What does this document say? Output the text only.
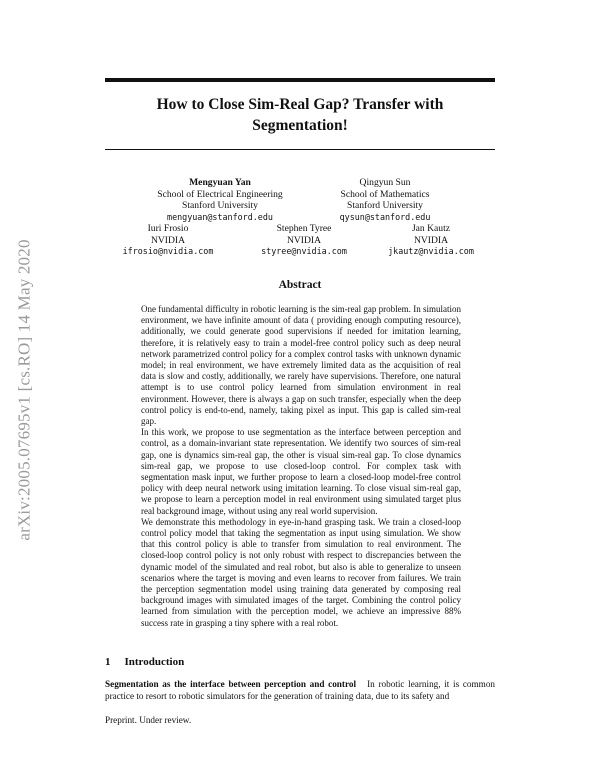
arXiv:2005.07695v1 [cs.RO] 14 May 2020
How to Close Sim-Real Gap? Transfer with
Segmentation!
Mengyuan Yan
School of Electrical Engineering
Stanford University
mengyuan@stanford.edu
Qingyun Sun
School of Mathematics
Stanford University
qysun@stanford.edu
Iuri Frosio
NVIDIA
ifrosio@nvidia.com
Stephen Tyree
NVIDIA
styree@nvidia.com
Jan Kautz
NVIDIA
jkautz@nvidia.com
Abstract

One fundamental difficulty in robotic learning is the sim-real gap problem. In simulation environment, we have infinite amount of data ( providing enough computing resource), additionally, we could generate good supervisions if needed for imitation learning, therefore, it is relatively easy to train a model-free control policy such as deep neural network parametrized control policy for a complex control tasks with unknown dynamic model; in real environment, we have extremely limited data as the acquisition of real data is slow and costly, additionally, we rarely have supervisions. Therefore, one natural attempt is to use control policy learned from simulation environment in real environment. However, there is always a gap on such transfer, especially when the deep control policy is end-to-end, namely, taking pixel as input. This gap is called sim-real gap.

In this work, we propose to use segmentation as the interface between perception and control, as a domain-invariant state representation. We identify two sources of sim-real gap, one is dynamics sim-real gap, the other is visual sim-real gap. To close dynamics sim-real gap, we propose to use closed-loop control. For complex task with segmentation mask input, we further propose to learn a closed-loop model-free control policy with deep neural network using imitation learning. To close visual sim-real gap, we propose to learn a perception model in real environment using simulated target plus real background image, without using any real world supervision.

We demonstrate this methodology in eye-in-hand grasping task. We train a closed-loop control policy model that taking the segmentation as input using simulation. We show that this control policy is able to transfer from simulation to real environment. The closed-loop control policy is not only robust with respect to discrepancies between the dynamic model of the simulated and real robot, but also is able to generalize to unseen scenarios where the target is moving and even learns to recover from failures. We train the perception segmentation model using training data generated by composing real background images with simulated images of the target. Combining the control policy learned from simulation with the perception model, we achieve an impressive 88% success rate in grasping a tiny sphere with a real robot.

1 Introduction

Segmentation as the interface between perception and control In robotic learning, it is common practice to resort to robotic simulators for the generation of training data, due to its safety and

Preprint. Under review.
